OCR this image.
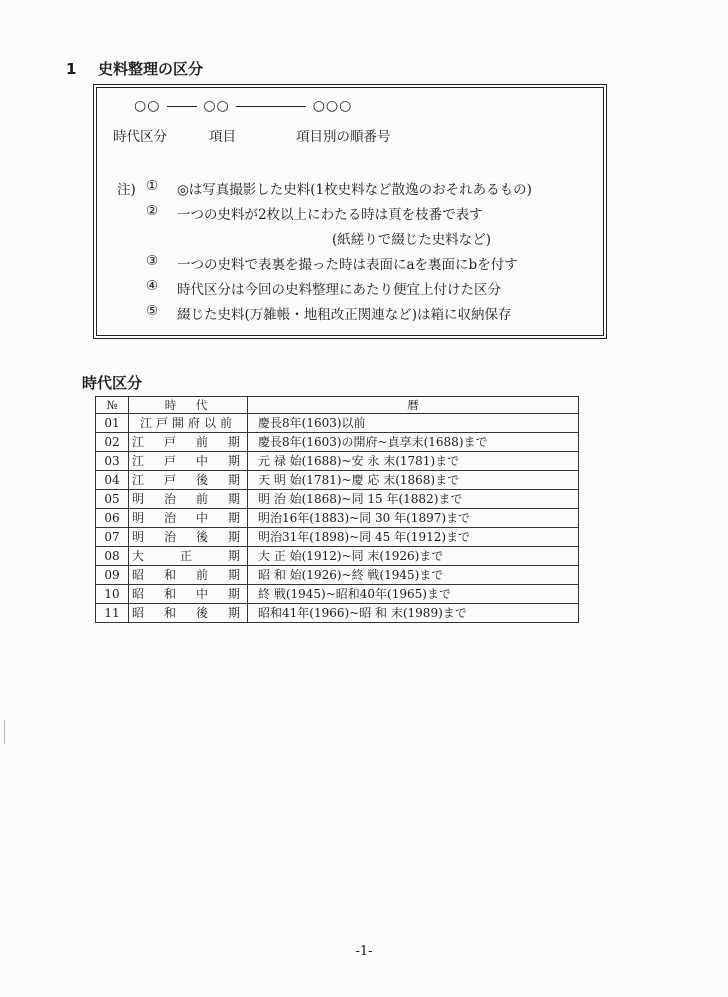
1 史料整理の区分
○○	○○	○○○
時代区分	項目	項目別の順番号
注) ① ◎は写真撮影した史料(1枚史料など散逸のおそれあるもの)
② 一つの史料が2枚以上にわたる時は頁を枝番で表す
(紙縒りで綴じた史料など)
③ 一つの史料で表裏を撮った時は表面にaを裏面にbを付す
④ 時代区分は今回の史料整理にあたり便宜上付けた区分
⑤ 綴じた史料(万雑帳・地租改正関連など)は箱に収納保存
時代区分
№	時　代	暦
01	江戸開府以前	慶長8年(1603)以前
02	江　戸　前　期	慶長8年(1603)の開府~貞享末(1688)まで
03	江　戸　中　期	元 禄 始(1688)~安 永 末(1781)まで
04	江　戸　後　期	天 明 始(1781)~慶 応 末(1868)まで
05	明　治　前　期	明 治 始(1868)~同 15 年(1882)まで
06	明　治　中　期	明治16年(1883)~同 30 年(1897)まで
07	明　治　後　期	明治31年(1898)~同 45 年(1912)まで
08	大　　正　　期	大 正 始(1912)~同 末(1926)まで
09	昭　和　前　期	昭 和 始(1926)~終 戦(1945)まで
10	昭　和　中　期	終 戦(1945)~昭和40年(1965)まで
11	昭　和　後　期	昭和41年(1966)~昭 和 末(1989)まで
-1-
